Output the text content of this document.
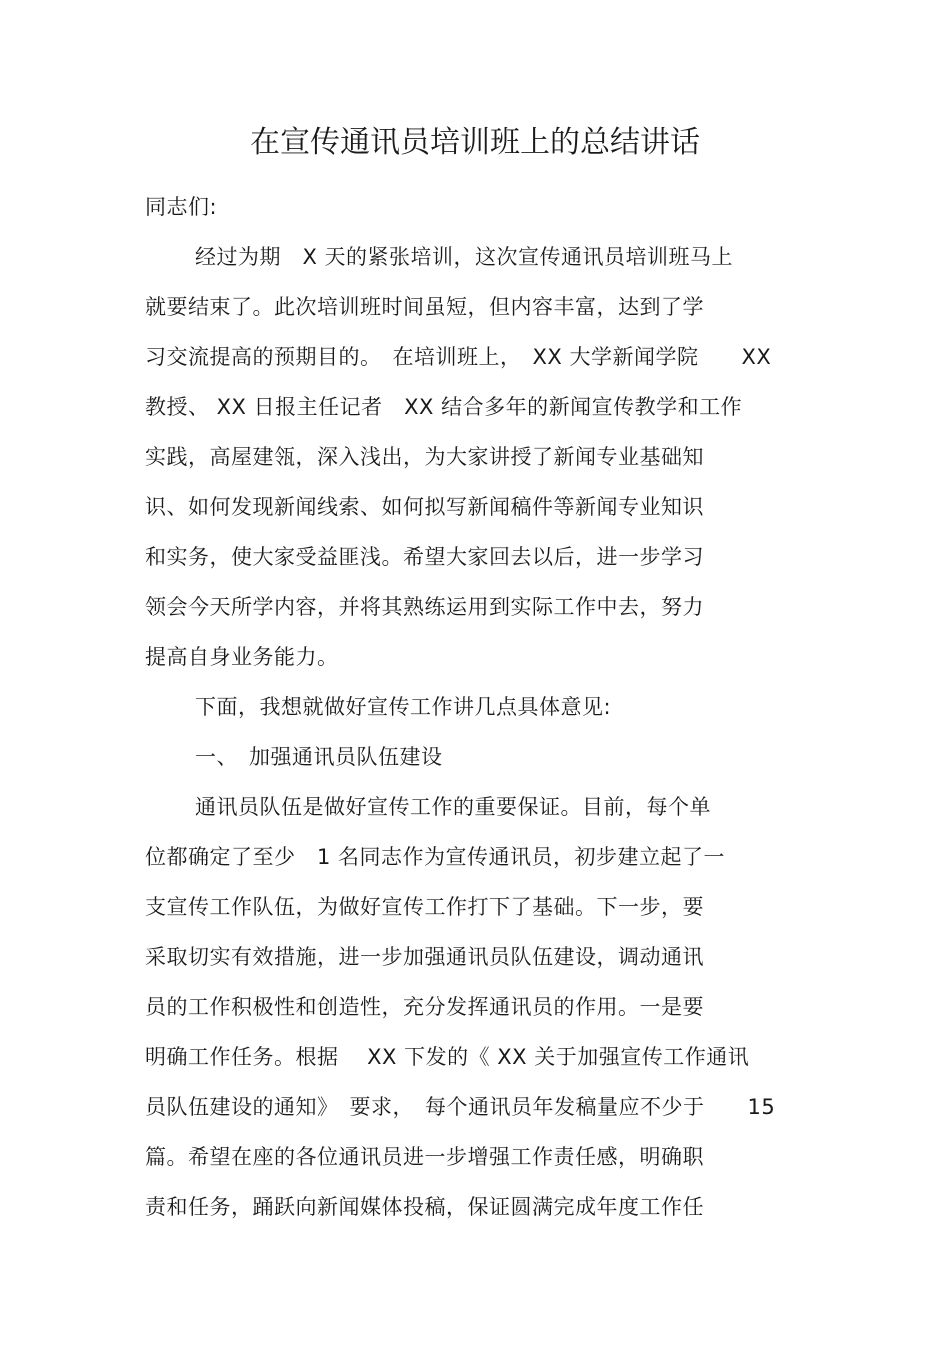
在宣传通讯员培训班上的总结讲话
同志们:
经过为期　X 天的紧张培训，这次宣传通讯员培训班马上
就要结束了。此次培训班时间虽短，但内容丰富，达到了学
习交流提高的预期目的。　在培训班上，　XX 大学新闻学院　　XX
教授、 XX 日报主任记者　XX 结合多年的新闻宣传教学和工作
实践，高屋建瓴，深入浅出，为大家讲授了新闻专业基础知
识、如何发现新闻线索、如何拟写新闻稿件等新闻专业知识
和实务，使大家受益匪浅。希望大家回去以后，进一步学习
领会今天所学内容，并将其熟练运用到实际工作中去，努力
提高自身业务能力。
下面，我想就做好宣传工作讲几点具体意见:
一、　加强通讯员队伍建设
通讯员队伍是做好宣传工作的重要保证。目前，每个单
位都确定了至少　1 名同志作为宣传通讯员，初步建立起了一
支宣传工作队伍，为做好宣传工作打下了基础。下一步，要
采取切实有效措施，进一步加强通讯员队伍建设，调动通讯
员的工作积极性和创造性，充分发挥通讯员的作用。一是要
明确工作任务。根据　 XX 下发的《 XX 关于加强宣传工作通讯
员队伍建设的通知》　要求，　每个通讯员年发稿量应不少于　　15
篇。希望在座的各位通讯员进一步增强工作责任感，明确职
责和任务，踊跃向新闻媒体投稿，保证圆满完成年度工作任
